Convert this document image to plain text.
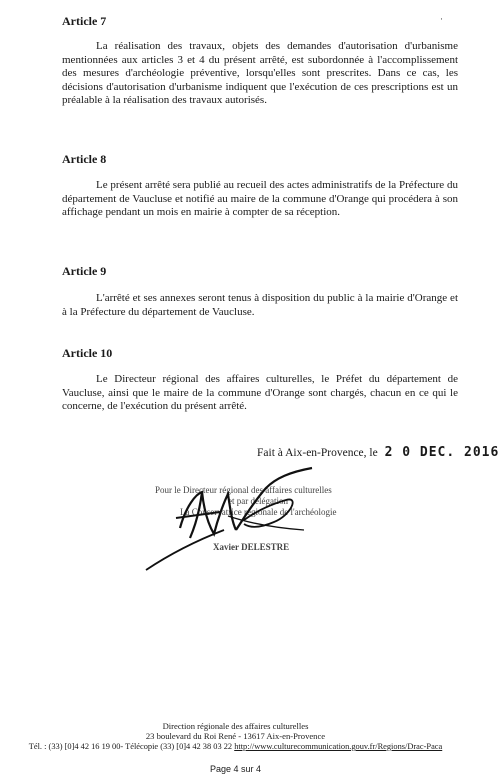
·
Article 7
La réalisation des travaux, objets des demandes d'autorisation d'urbanisme mentionnées aux articles 3 et 4 du présent arrêté, est subordonnée à l'accomplissement des mesures d'archéologie préventive, lorsqu'elles sont prescrites. Dans ce cas, les décisions d'autorisation d'urbanisme indiquent que l'exécution de ces prescriptions est un préalable à la réalisation des travaux autorisés.
Article 8
Le présent arrêté sera publié au recueil des actes administratifs de la Préfecture du département de Vaucluse et notifié au maire de la commune d'Orange qui procédera à son affichage pendant un mois en mairie à compter de sa réception.
Article 9
L'arrêté et ses annexes seront tenus à disposition du public à la mairie d'Orange et à la Préfecture du département de Vaucluse.
Article 10
Le Directeur régional des affaires culturelles, le Préfet du département de Vaucluse, ainsi que le maire de la commune d'Orange sont chargés, chacun en ce qui le concerne, de l'exécution du présent arrêté.
Fait à Aix-en-Provence, le 2 0 DEC. 2016
Pour le Directeur régional des affaires culturelles
et par délégation
La Conservatrice régionale de l'archéologie
Xavier DELESTRE
Direction régionale des affaires culturelles
23 boulevard du Roi René - 13617 Aix-en-Provence
Tél. : (33) [0]4 42 16 19 00- Télécopie (33) [0]4 42 38 03 22 http://www.culturecommunication.gouv.fr/Regions/Drac-Paca
Page 4 sur 4
